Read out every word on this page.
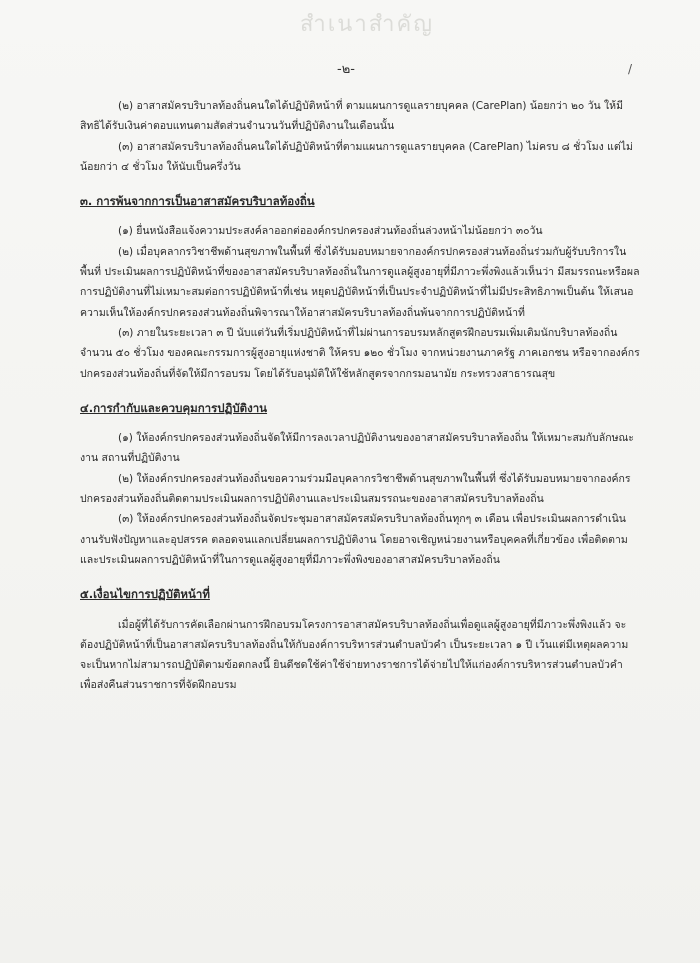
สำเนาสำคัญ
-๒-	/

(๒) อาสาสมัครบริบาลท้องถิ่นคนใดได้ปฏิบัติหน้าที่ ตามแผนการดูแลรายบุคคล (CarePlan) น้อยกว่า ๒๐ วัน ให้มีสิทธิได้รับเงินค่าตอบแทนตามสัดส่วนจำนวนวันที่ปฏิบัติงานในเดือนนั้น

(๓) อาสาสมัครบริบาลท้องถิ่นคนใดได้ปฏิบัติหน้าที่ตามแผนการดูแลรายบุคคล (CarePlan) ไม่ครบ ๘ ชั่วโมง แต่ไม่น้อยกว่า ๔ ชั่วโมง ให้นับเป็นครึ่งวัน

๓. การพ้นจากการเป็นอาสาสมัครบริบาลท้องถิ่น

(๑) ยื่นหนังสือแจ้งความประสงค์ลาออกต่อองค์กรปกครองส่วนท้องถิ่นล่วงหน้าไม่น้อยกว่า ๓๐วัน

(๒) เมื่อบุคลากรวิชาชีพด้านสุขภาพในพื้นที่ ซึ่งได้รับมอบหมายจากองค์กรปกครองส่วนท้องถิ่นร่วมกับผู้รับบริการในพื้นที่ ประเมินผลการปฏิบัติหน้าที่ของอาสาสมัครบริบาลท้องถิ่นในการดูแลผู้สูงอายุที่มีภาวะพึ่งพิงแล้วเห็นว่า มีสมรรถนะหรือผลการปฏิบัติงานที่ไม่เหมาะสมต่อการปฏิบัติหน้าที่เช่น หยุดปฏิบัติหน้าที่เป็นประจำปฏิบัติหน้าที่ไม่มีประสิทธิภาพเป็นต้น ให้เสนอความเห็นให้องค์กรปกครองส่วนท้องถิ่นพิจารณาให้อาสาสมัครบริบาลท้องถิ่นพ้นจากการปฏิบัติหน้าที่

(๓) ภายในระยะเวลา ๓ ปี นับแต่วันที่เริ่มปฏิบัติหน้าที่ไม่ผ่านการอบรมหลักสูตรฝึกอบรมเพิ่มเติมนักบริบาลท้องถิ่น จำนวน ๕๐ ชั่วโมง ของคณะกรรมการผู้สูงอายุแห่งชาติ ให้ครบ ๑๒๐ ชั่วโมง จากหน่วยงานภาครัฐ ภาคเอกชน หรือจากองค์กรปกครองส่วนท้องถิ่นที่จัดให้มีการอบรม โดยได้รับอนุมัติให้ใช้หลักสูตรจากกรมอนามัย กระทรวงสาธารณสุข

๔.การกำกับและควบคุมการปฏิบัติงาน

(๑) ให้องค์กรปกครองส่วนท้องถิ่นจัดให้มีการลงเวลาปฏิบัติงานของอาสาสมัครบริบาลท้องถิ่น ให้เหมาะสมกับลักษณะงาน สถานที่ปฏิบัติงาน

(๒) ให้องค์กรปกครองส่วนท้องถิ่นขอความร่วมมือบุคลากรวิชาชีพด้านสุขภาพในพื้นที่ ซึ่งได้รับมอบหมายจากองค์กรปกครองส่วนท้องถิ่นติดตามประเมินผลการปฏิบัติงานและประเมินสมรรถนะของอาสาสมัครบริบาลท้องถิ่น

(๓) ให้องค์กรปกครองส่วนท้องถิ่นจัดประชุมอาสาสมัครสมัครบริบาลท้องถิ่นทุกๆ ๓ เดือน เพื่อประเมินผลการดำเนินงานรับฟังปัญหาและอุปสรรค ตลอดจนแลกเปลี่ยนผลการปฏิบัติงาน โดยอาจเชิญหน่วยงานหรือบุคคลที่เกี่ยวข้อง เพื่อติดตามและประเมินผลการปฏิบัติหน้าที่ในการดูแลผู้สูงอายุที่มีภาวะพึ่งพิงของอาสาสมัครบริบาลท้องถิ่น

๕.เงื่อนไขการปฏิบัติหน้าที่

เมื่อผู้ที่ได้รับการคัดเลือกผ่านการฝึกอบรมโครงการอาสาสมัครบริบาลท้องถิ่นเพื่อดูแลผู้สูงอายุที่มีภาวะพึ่งพิงแล้ว จะต้องปฏิบัติหน้าที่เป็นอาสาสมัครบริบาลท้องถิ่นให้กับองค์การบริหารส่วนตำบลบัวคำ เป็นระยะเวลา ๑ ปี เว้นแต่มีเหตุผลความจะเป็นหากไม่สามารถปฏิบัติตามข้อตกลงนี้ ยินดีชดใช้ค่าใช้จ่ายทางราชการได้จ่ายไปให้แก่องค์การบริหารส่วนตำบลบัวคำ เพื่อส่งคืนส่วนราชการที่จัดฝึกอบรม
